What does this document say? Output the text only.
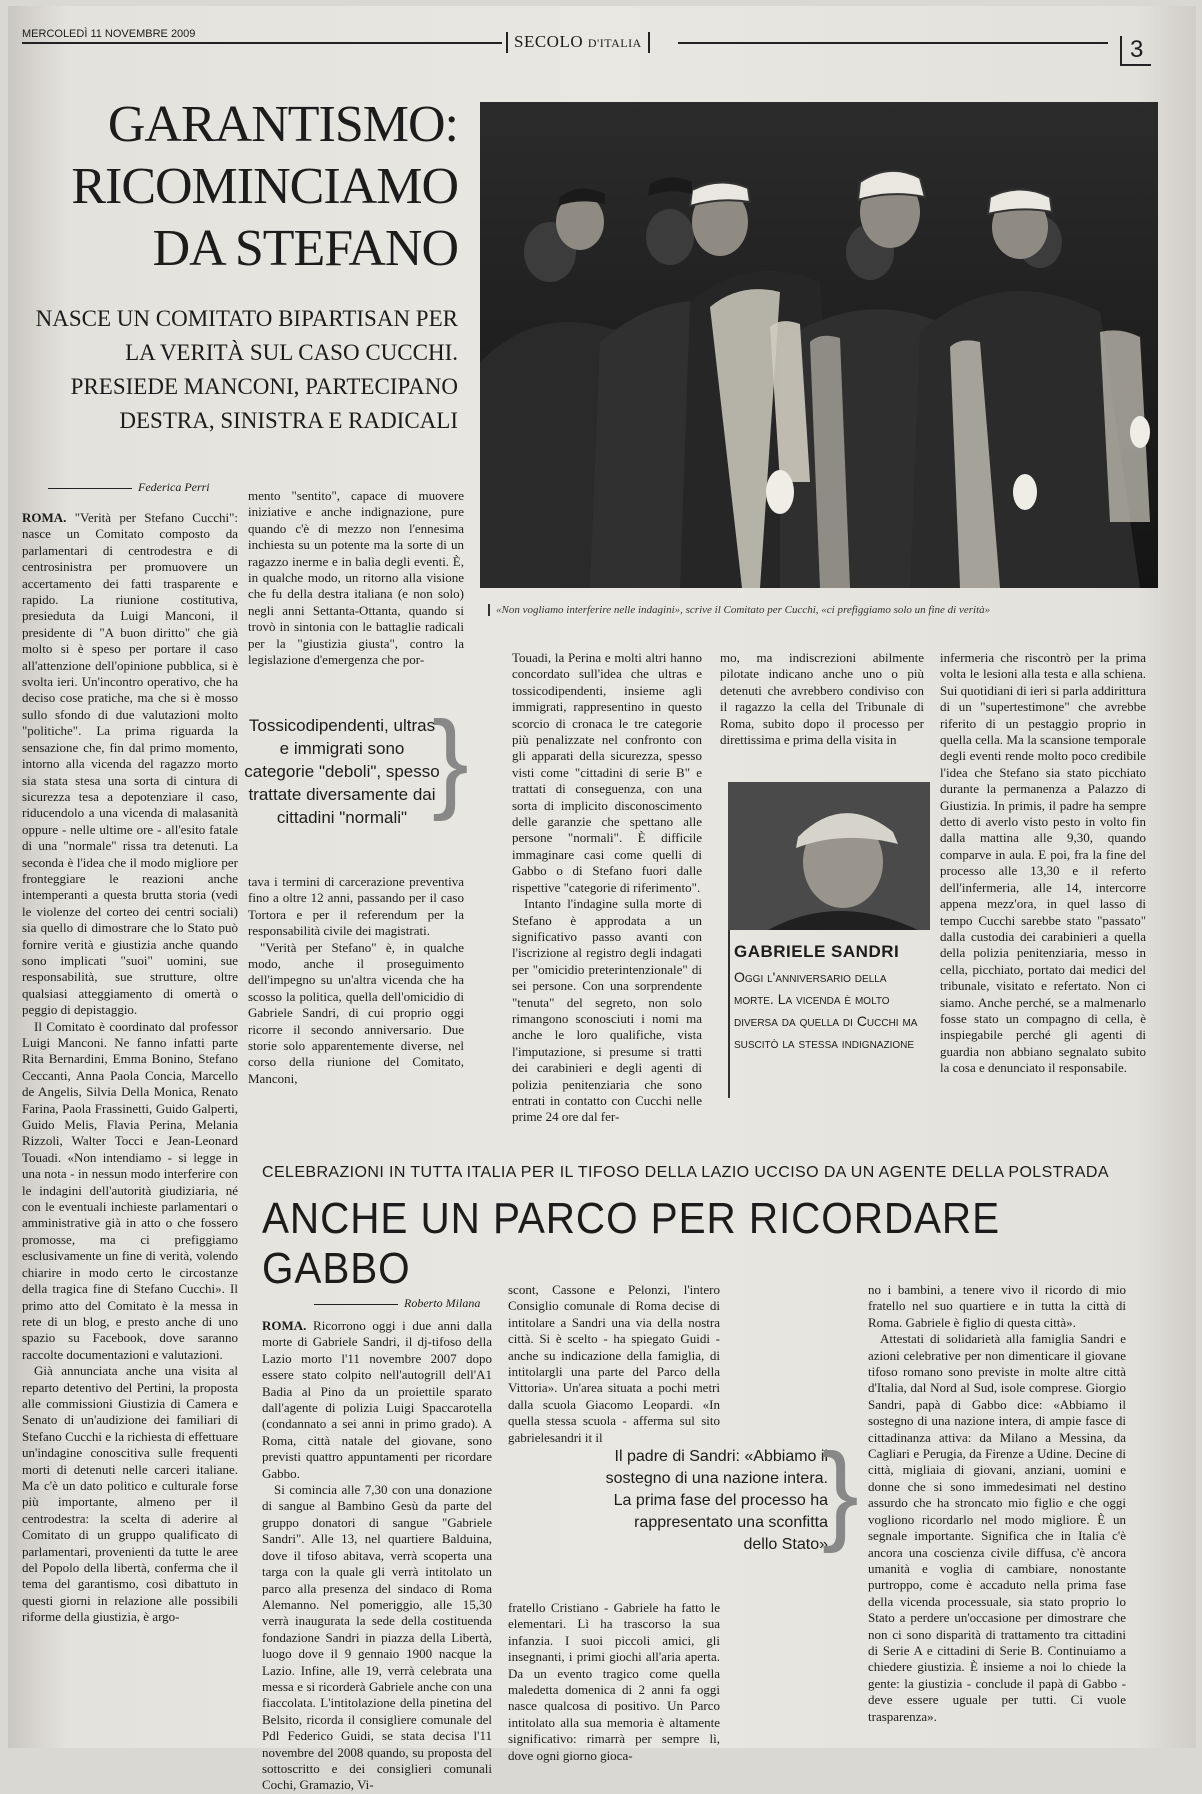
MERCOLEDÌ 11 NOVEMBRE 2009	SECOLO D'ITALIA	3
GARANTISMO: RICOMINCIAMO DA STEFANO
NASCE UN COMITATO BIPARTISAN PER LA VERITÀ SUL CASO CUCCHI. PRESIEDE MANCONI, PARTECIPANO DESTRA, SINISTRA E RADICALI
«Non vogliamo interferire nelle indagini», scrive il Comitato per Cucchi, «ci prefiggiamo solo un fine di verità»
Federica Perri

ROMA. "Verità per Stefano Cucchi": nasce un Comitato composto da parlamentari di centrodestra e di centrosinistra per promuovere un accertamento dei fatti trasparente e rapido. La riunione costitutiva, presieduta da Luigi Manconi, il presidente di "A buon diritto" che già molto si è speso per portare il caso all'attenzione dell'opinione pubblica, si è svolta ieri. Un'incontro operativo, che ha deciso cose pratiche, ma che si è mosso sullo sfondo di due valutazioni molto "politiche". La prima riguarda la sensazione che, fin dal primo momento, intorno alla vicenda del ragazzo morto sia stata stesa una sorta di cintura di sicurezza tesa a depotenziare il caso, riducendolo a una vicenda di malasanità oppure - nelle ultime ore - all'esito fatale di una "normale" rissa tra detenuti. La seconda è l'idea che il modo migliore per fronteggiare le reazioni anche intemperanti a questa brutta storia (vedi le violenze del corteo dei centri sociali) sia quello di dimostrare che lo Stato può fornire verità e giustizia anche quando sono implicati "suoi" uomini, sue responsabilità, sue strutture, oltre qualsiasi atteggiamento di omertà o peggio di depistaggio.

Il Comitato è coordinato dal professor Luigi Manconi. Ne fanno infatti parte Rita Bernardini, Emma Bonino, Stefano Ceccanti, Anna Paola Concia, Marcello de Angelis, Silvia Della Monica, Renato Farina, Paola Frassinetti, Guido Galperti, Guido Melis, Flavia Perina, Melania Rizzoli, Walter Tocci e Jean-Leonard Touadi. «Non intendiamo - si legge in una nota - in nessun modo interferire con le indagini dell'autorità giudiziaria, né con le eventuali inchieste parlamentari o amministrative già in atto o che fossero promosse, ma ci prefiggiamo esclusivamente un fine di verità, volendo chiarire in modo certo le circostanze della tragica fine di Stefano Cucchi». Il primo atto del Comitato è la messa in rete di un blog, e presto anche di uno spazio su Facebook, dove saranno raccolte documentazioni e valutazioni.

Già annunciata anche una visita al reparto detentivo del Pertini, la proposta alle commissioni Giustizia di Camera e Senato di un'audizione dei familiari di Stefano Cucchi e la richiesta di effettuare un'indagine conoscitiva sulle frequenti morti di detenuti nelle carceri italiane. Ma c'è un dato politico e culturale forse più importante, almeno per il centrodestra: la scelta di aderire al Comitato di un gruppo qualificato di parlamentari, provenienti da tutte le aree del Popolo della libertà, conferma che il tema del garantismo, così dibattuto in questi giorni in relazione alle possibili riforme della giustizia, è argo-

mento "sentito", capace di muovere iniziative e anche indignazione, pure quando c'è di mezzo non l'ennesima inchiesta su un potente ma la sorte di un ragazzo inerme e in balìa degli eventi. È, in qualche modo, un ritorno alla visione che fu della destra italiana (e non solo) negli anni Settanta-Ottanta, quando si trovò in sintonia con le battaglie radicali per la "giustizia giusta", contro la legislazione d'emergenza che por-

Tossicodipendenti, ultras e immigrati sono categorie "deboli", spesso trattate diversamente dai cittadini "normali" }

tava i termini di carcerazione preventiva fino a oltre 12 anni, passando per il caso Tortora e per il referendum per la responsabilità civile dei magistrati.

"Verità per Stefano" è, in qualche modo, anche il proseguimento dell'impegno su un'altra vicenda che ha scosso la politica, quella dell'omicidio di Gabriele Sandri, di cui proprio oggi ricorre il secondo anniversario. Due storie solo apparentemente diverse, nel corso della riunione del Comitato, Manconi,

Touadi, la Perina e molti altri hanno concordato sull'idea che ultras e tossicodipendenti, insieme agli immigrati, rappresentino in questo scorcio di cronaca le tre categorie più penalizzate nel confronto con gli apparati della sicurezza, spesso visti come "cittadini di serie B" e trattati di conseguenza, con una sorta di implicito disconoscimento delle garanzie che spettano alle persone "normali". È difficile immaginare casi come quelli di Gabbo o di Stefano fuori dalle rispettive "categorie di riferimento".

Intanto l'indagine sulla morte di Stefano è approdata a un significativo passo avanti con l'iscrizione al registro degli indagati per "omicidio preterintenzionale" di sei persone. Con una sorprendente "tenuta" del segreto, non solo rimangono sconosciuti i nomi ma anche le loro qualifiche, vista l'imputazione, si presume si tratti dei carabinieri e degli agenti di polizia penitenziaria che sono entrati in contatto con Cucchi nelle prime 24 ore dal fer-

mo, ma indiscrezioni abilmente pilotate indicano anche uno o più detenuti che avrebbero condiviso con il ragazzo la cella del Tribunale di Roma, subito dopo il processo per direttissima e prima della visita in

GABRIELE SANDRI
Oggi l'anniversario della morte. La vicenda è molto diversa da quella di Cucchi ma suscitò la stessa indignazione

infermeria che riscontrò per la prima volta le lesioni alla testa e alla schiena. Sui quotidiani di ieri si parla addirittura di un "supertestimone" che avrebbe riferito di un pestaggio proprio in quella cella. Ma la scansione temporale degli eventi rende molto poco credibile l'idea che Stefano sia stato picchiato durante la permanenza a Palazzo di Giustizia. In primis, il padre ha sempre detto di averlo visto pesto in volto fin dalla mattina alle 9,30, quando comparve in aula. E poi, fra la fine del processo alle 13,30 e il referto dell'infermeria, alle 14, intercorre appena mezz'ora, in quel lasso di tempo Cucchi sarebbe stato "passato" dalla custodia dei carabinieri a quella della polizia penitenziaria, messo in cella, picchiato, portato dai medici del tribunale, visitato e refertato. Non ci siamo. Anche perché, se a malmenarlo fosse stato un compagno di cella, è inspiegabile perché gli agenti di guardia non abbiano segnalato subito la cosa e denunciato il responsabile.

CELEBRAZIONI IN TUTTA ITALIA PER IL TIFOSO DELLA LAZIO UCCISO DA UN AGENTE DELLA POLSTRADA
ANCHE UN PARCO PER RICORDARE GABBO
Roberto Milana

ROMA. Ricorrono oggi i due anni dalla morte di Gabriele Sandri, il dj-tifoso della Lazio morto l'11 novembre 2007 dopo essere stato colpito nell'autogrill dell'A1 Badia al Pino da un proiettile sparato dall'agente di polizia Luigi Spaccarotella (condannato a sei anni in primo grado). A Roma, città natale del giovane, sono previsti quattro appuntamenti per ricordare Gabbo.

Si comincia alle 7,30 con una donazione di sangue al Bambino Gesù da parte del gruppo donatori di sangue "Gabriele Sandri". Alle 13, nel quartiere Balduina, dove il tifoso abitava, verrà scoperta una targa con la quale gli verrà intitolato un parco alla presenza del sindaco di Roma Alemanno. Nel pomeriggio, alle 15,30 verrà inaugurata la sede della costituenda fondazione Sandri in piazza della Libertà, luogo dove il 9 gennaio 1900 nacque la Lazio. Infine, alle 19, verrà celebrata una messa e si ricorderà Gabriele anche con una fiaccolata. L'intitolazione della pinetina del Belsito, ricorda il consigliere comunale del Pdl Federico Guidi, se stata decisa l'11 novembre del 2008 quando, su proposta del sottoscritto e dei consiglieri comunali Cochi, Gramazio, Vi-

scont, Cassone e Pelonzi, l'intero Consiglio comunale di Roma decise di intitolare a Sandri una via della nostra città. Si è scelto - ha spiegato Guidi - anche su indicazione della famiglia, di intitolargli una parte del Parco della Vittoria». Un'area situata a pochi metri dalla scuola Giacomo Leopardi. «In quella stessa scuola - afferma sul sito gabrielesandri it il

Il padre di Sandri: «Abbiamo il sostegno di una nazione intera. La prima fase del processo ha rappresentato una sconfitta dello Stato»
}

fratello Cristiano - Gabriele ha fatto le elementari. Lì ha trascorso la sua infanzia. I suoi piccoli amici, gli insegnanti, i primi giochi all'aria aperta. Da un evento tragico come quella maledetta domenica di 2 anni fa oggi nasce qualcosa di positivo. Un Parco intitolato alla sua memoria è altamente significativo: rimarrà per sempre lì, dove ogni giorno gioca-

no i bambini, a tenere vivo il ricordo di mio fratello nel suo quartiere e in tutta la città di Roma. Gabriele è figlio di questa città».

Attestati di solidarietà alla famiglia Sandri e azioni celebrative per non dimenticare il giovane tifoso romano sono previste in molte altre città d'Italia, dal Nord al Sud, isole comprese. Giorgio Sandri, papà di Gabbo dice: «Abbiamo il sostegno di una nazione intera, di ampie fasce di cittadinanza attiva: da Milano a Messina, da Cagliari e Perugia, da Firenze a Udine. Decine di città, migliaia di giovani, anziani, uomini e donne che si sono immedesimati nel destino assurdo che ha stroncato mio figlio e che oggi vogliono ricordarlo nel modo migliore. È un segnale importante. Significa che in Italia c'è ancora una coscienza civile diffusa, c'è ancora umanità e voglia di cambiare, nonostante purtroppo, come è accaduto nella prima fase della vicenda processuale, sia stato proprio lo Stato a perdere un'occasione per dimostrare che non ci sono disparità di trattamento tra cittadini di Serie A e cittadini di Serie B. Continuiamo a chiedere giustizia. È insieme a noi lo chiede la gente: la giustizia - conclude il papà di Gabbo - deve essere uguale per tutti. Ci vuole trasparenza».
